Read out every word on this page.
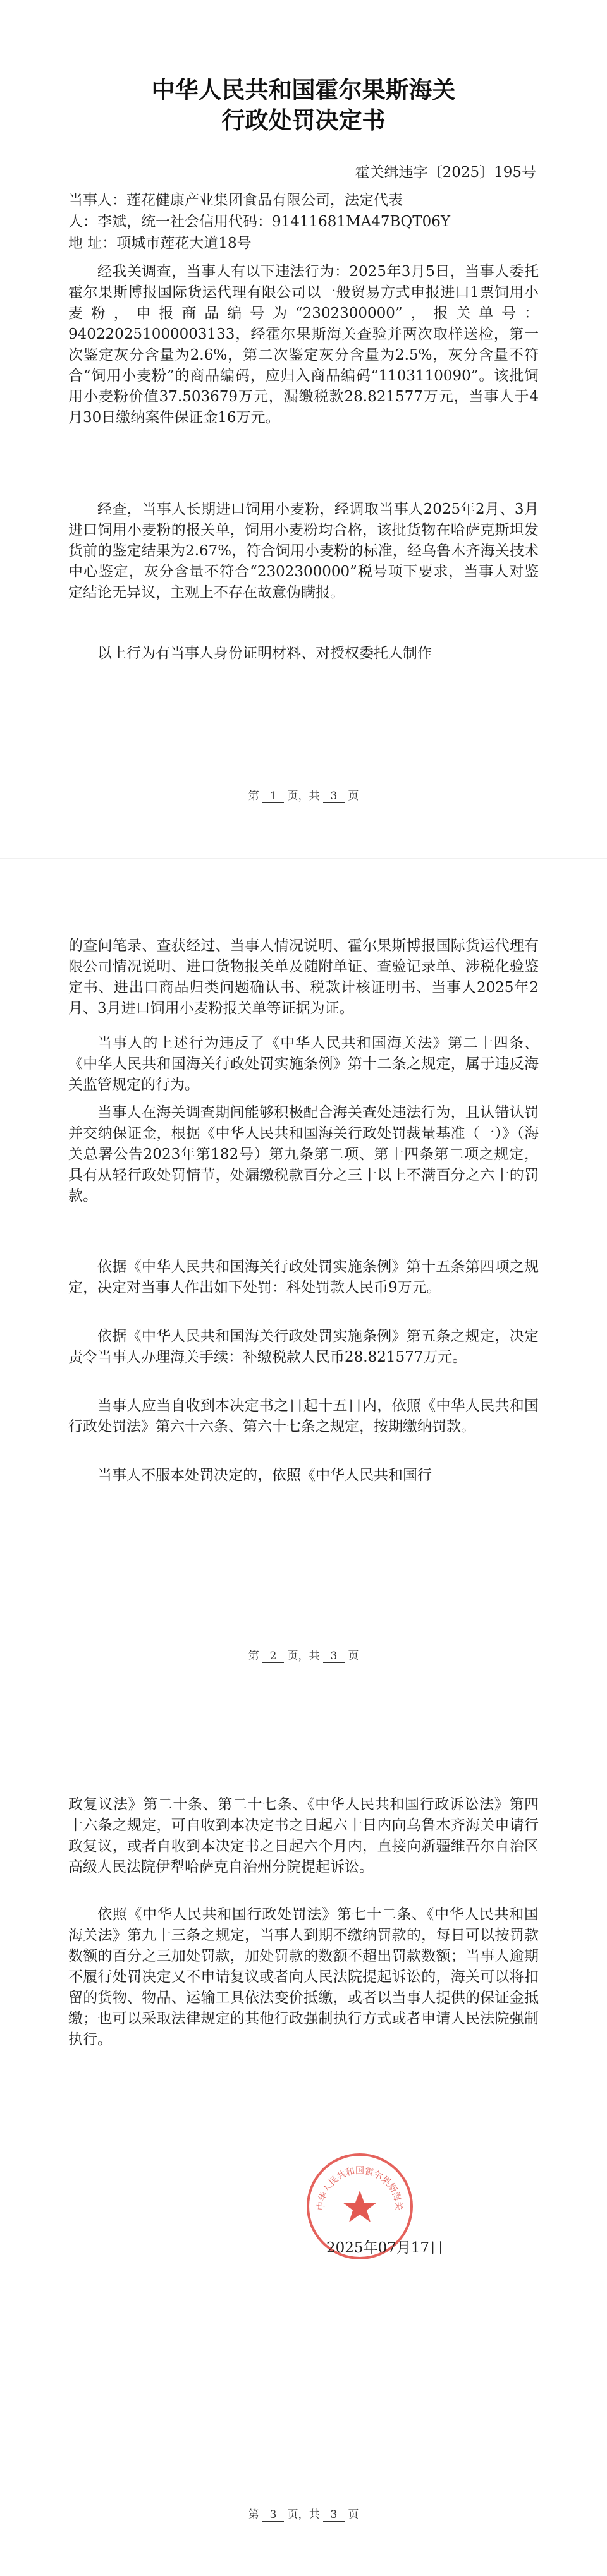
中华人民共和国霍尔果斯海关
行政处罚决定书
霍关缉违字〔2025〕195号
当事人：莲花健康产业集团食品有限公司，法定代表
人：李斌，统一社会信用代码：91411681MA47BQT06Y
地 址：项城市莲花大道18号
经我关调查，当事人有以下违法行为：2025年3月5日，当事人委托霍尔果斯博报国际货运代理有限公司以一般贸易方式申报进口1票饲用小麦粉，申报商品编号为“2302300000”，报关单号：940220251000003133，经霍尔果斯海关查验并两次取样送检，第一次鉴定灰分含量为2.6%，第二次鉴定灰分含量为2.5%，灰分含量不符合“饲用小麦粉”的商品编码，应归入商品编码“1103110090”。该批饲用小麦粉价值37.503679万元，漏缴税款28.821577万元，当事人于4月30日缴纳案件保证金16万元。
经查，当事人长期进口饲用小麦粉，经调取当事人2025年2月、3月进口饲用小麦粉的报关单，饲用小麦粉均合格，该批货物在哈萨克斯坦发货前的鉴定结果为2.67%，符合饲用小麦粉的标准，经乌鲁木齐海关技术中心鉴定，灰分含量不符合“2302300000”税号项下要求，当事人对鉴定结论无异议，主观上不存在故意伪瞒报。
以上行为有当事人身份证明材料、对授权委托人制作
第 1 页，共 3 页
的查问笔录、查获经过、当事人情况说明、霍尔果斯博报国际货运代理有限公司情况说明、进口货物报关单及随附单证、查验记录单、涉税化验鉴定书、进出口商品归类问题确认书、税款计核证明书、当事人2025年2月、3月进口饲用小麦粉报关单等证据为证。
当事人的上述行为违反了《中华人民共和国海关法》第二十四条、《中华人民共和国海关行政处罚实施条例》第十二条之规定，属于违反海关监管规定的行为。
当事人在海关调查期间能够积极配合海关查处违法行为，且认错认罚并交纳保证金，根据《中华人民共和国海关行政处罚裁量基准（一）》（海关总署公告2023年第182号）第九条第二项、第十四条第二项之规定，具有从轻行政处罚情节，处漏缴税款百分之三十以上不满百分之六十的罚款。
依据《中华人民共和国海关行政处罚实施条例》第十五条第四项之规定，决定对当事人作出如下处罚：科处罚款人民币9万元。
依据《中华人民共和国海关行政处罚实施条例》第五条之规定，决定责令当事人办理海关手续：补缴税款人民币28.821577万元。
当事人应当自收到本决定书之日起十五日内，依照《中华人民共和国行政处罚法》第六十六条、第六十七条之规定，按期缴纳罚款。
当事人不服本处罚决定的，依照《中华人民共和国行
第 2 页，共 3 页
政复议法》第二十条、第二十七条、《中华人民共和国行政诉讼法》第四十六条之规定，可自收到本决定书之日起六十日内向乌鲁木齐海关申请行政复议，或者自收到本决定书之日起六个月内，直接向新疆维吾尔自治区高级人民法院伊犁哈萨克自治州分院提起诉讼。
依照《中华人民共和国行政处罚法》第七十二条、《中华人民共和国海关法》第九十三条之规定，当事人到期不缴纳罚款的，每日可以按罚款数额的百分之三加处罚款，加处罚款的数额不超出罚款数额；当事人逾期不履行处罚决定又不申请复议或者向人民法院提起诉讼的，海关可以将扣留的货物、物品、运输工具依法变价抵缴，或者以当事人提供的保证金抵缴；也可以采取法律规定的其他行政强制执行方式或者申请人民法院强制执行。
第 3 页，共 3 页
中华人民共和国霍尔果斯海关
2025年07月17日
